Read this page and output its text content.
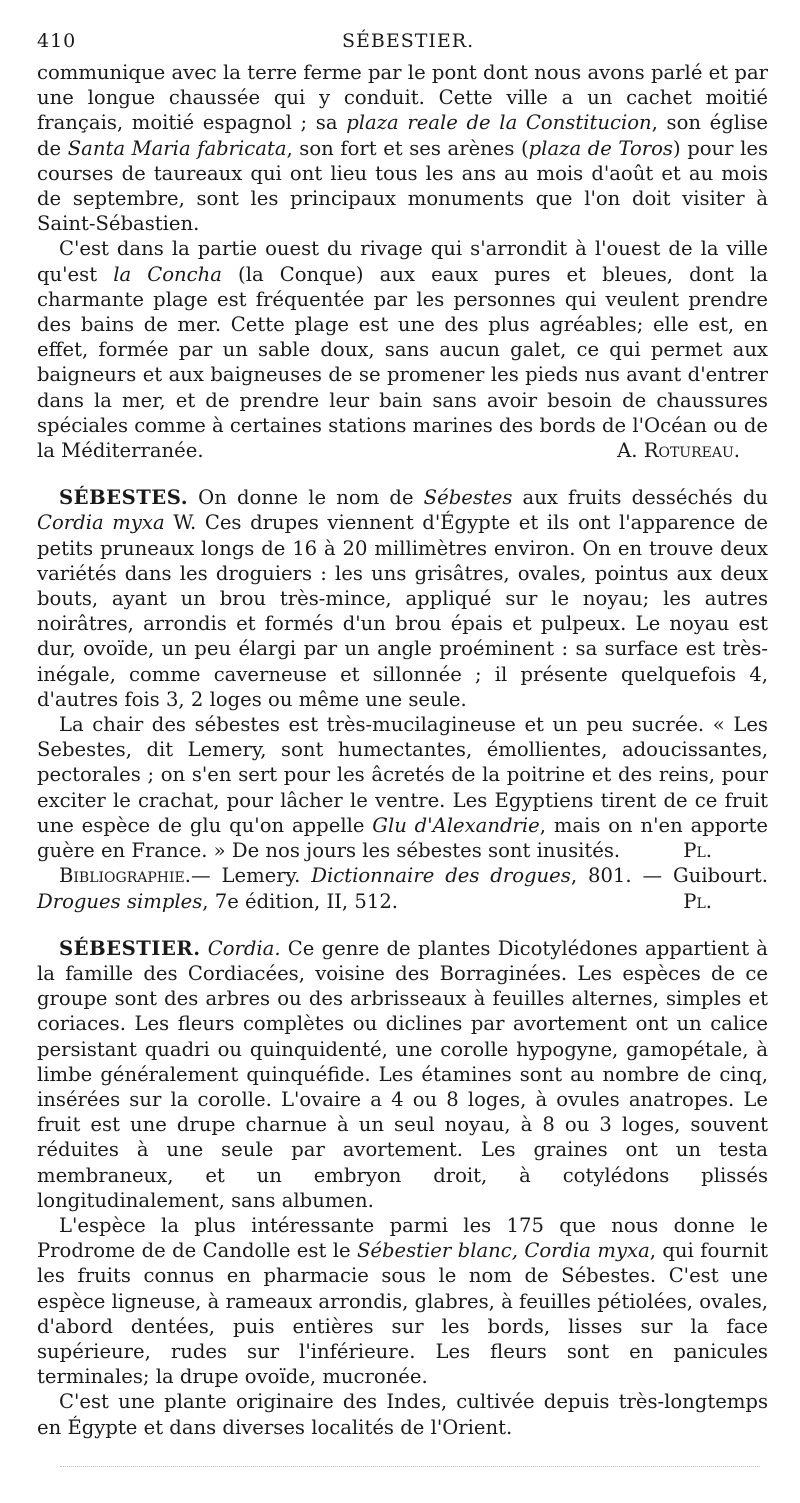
410	SÉBESTIER.

communique avec la terre ferme par le pont dont nous avons parlé et par une longue chaussée qui y conduit. Cette ville a un cachet moitié français, moitié espagnol ; sa plaza reale de la Constitucion, son église de Santa Maria fabricata, son fort et ses arènes (plaza de Toros) pour les courses de taureaux qui ont lieu tous les ans au mois d'août et au mois de septembre, sont les principaux monuments que l'on doit visiter à Saint-Sébastien.

C'est dans la partie ouest du rivage qui s'arrondit à l'ouest de la ville qu'est la Concha (la Conque) aux eaux pures et bleues, dont la charmante plage est fréquentée par les personnes qui veulent prendre des bains de mer. Cette plage est une des plus agréables; elle est, en effet, formée par un sable doux, sans aucun galet, ce qui permet aux baigneurs et aux baigneuses de se promener les pieds nus avant d'entrer dans la mer, et de prendre leur bain sans avoir besoin de chaussures spéciales comme à certaines stations marines des bords de l'Océan ou de la Méditerranée.	A. Rotureau.

SÉBESTES. On donne le nom de Sébestes aux fruits desséchés du Cordia myxa W. Ces drupes viennent d'Égypte et ils ont l'apparence de petits pruneaux longs de 16 à 20 millimètres environ. On en trouve deux variétés dans les droguiers : les uns grisâtres, ovales, pointus aux deux bouts, ayant un brou très-mince, appliqué sur le noyau; les autres noirâtres, arrondis et formés d'un brou épais et pulpeux. Le noyau est dur, ovoïde, un peu élargi par un angle proéminent : sa surface est très-inégale, comme caverneuse et sillonnée ; il présente quelquefois 4, d'autres fois 3, 2 loges ou même une seule.

La chair des sébestes est très-mucilagineuse et un peu sucrée. « Les Sebestes, dit Lemery, sont humectantes, émollientes, adoucissantes, pectorales ; on s'en sert pour les âcretés de la poitrine et des reins, pour exciter le crachat, pour lâcher le ventre. Les Egyptiens tirent de ce fruit une espèce de glu qu'on appelle Glu d'Alexandrie, mais on n'en apporte guère en France. » De nos jours les sébestes sont inusités.	Pl.

Bibliographie.— Lemery. Dictionnaire des drogues, 801. — Guibourt. Drogues simples, 7e édition, II, 512.	Pl.

SÉBESTIER. Cordia. Ce genre de plantes Dicotylédones appartient à la famille des Cordiacées, voisine des Borraginées. Les espèces de ce groupe sont des arbres ou des arbrisseaux à feuilles alternes, simples et coriaces. Les fleurs complètes ou diclines par avortement ont un calice persistant quadri ou quinquidenté, une corolle hypogyne, gamopétale, à limbe généralement quinquéfide. Les étamines sont au nombre de cinq, insérées sur la corolle. L'ovaire a 4 ou 8 loges, à ovules anatropes. Le fruit est une drupe charnue à un seul noyau, à 8 ou 3 loges, souvent réduites à une seule par avortement. Les graines ont un testa membraneux, et un embryon droit, à cotylédons plissés longitudinalement, sans albumen.

L'espèce la plus intéressante parmi les 175 que nous donne le Prodrome de de Candolle est le Sébestier blanc, Cordia myxa, qui fournit les fruits connus en pharmacie sous le nom de Sébestes. C'est une espèce ligneuse, à rameaux arrondis, glabres, à feuilles pétiolées, ovales, d'abord dentées, puis entières sur les bords, lisses sur la face supérieure, rudes sur l'inférieure. Les fleurs sont en panicules terminales; la drupe ovoïde, mucronée.

C'est une plante originaire des Indes, cultivée depuis très-longtemps en Égypte et dans diverses localités de l'Orient.
